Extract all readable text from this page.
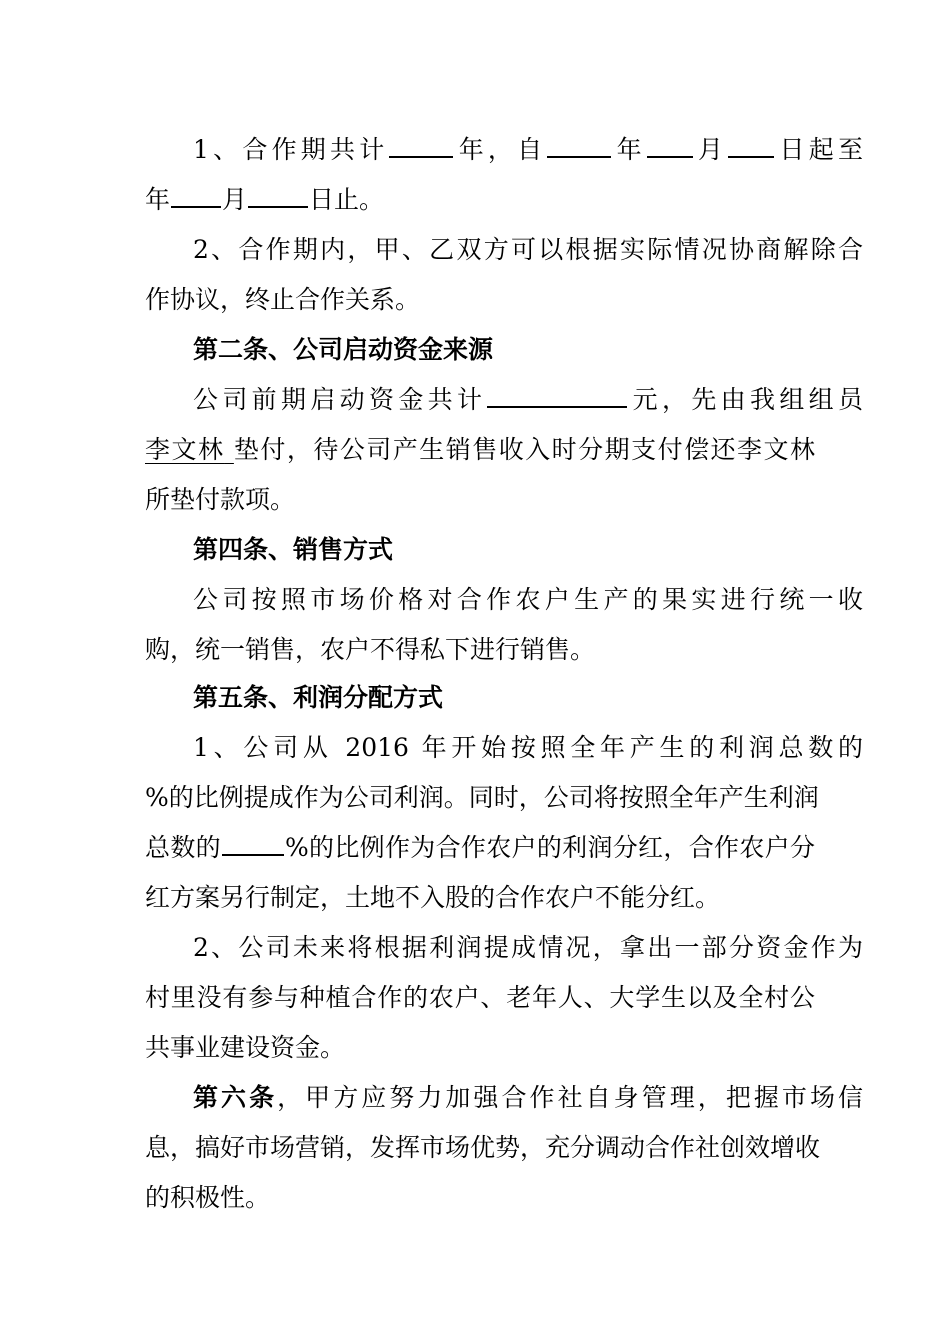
1、合作期共计	年，自	年 月 日起至
年 月 日止。
2、合作期内，甲、乙双方可以根据实际情况协商解除合
作协议，终止合作关系。
第二条、公司启动资金来源
公司前期启动资金共计	元，先由我组组员
李文林 垫付，待公司产生销售收入时分期支付偿还李文林
所垫付款项。
第四条、销售方式
公司按照市场价格对合作农户生产的果实进行统一收
购，统一销售，农户不得私下进行销售。
第五条、利润分配方式
1、公司从 2016 年开始按照全年产生的利润总数的
%的比例提成作为公司利润。同时，公司将按照全年产生利润
总数的	%的比例作为合作农户的利润分红，合作农户分
红方案另行制定，土地不入股的合作农户不能分红。
2、公司未来将根据利润提成情况，拿出一部分资金作为
村里没有参与种植合作的农户、老年人、大学生以及全村公
共事业建设资金。
第六条，甲方应努力加强合作社自身管理，把握市场信
息，搞好市场营销，发挥市场优势，充分调动合作社创效增收
的积极性。
